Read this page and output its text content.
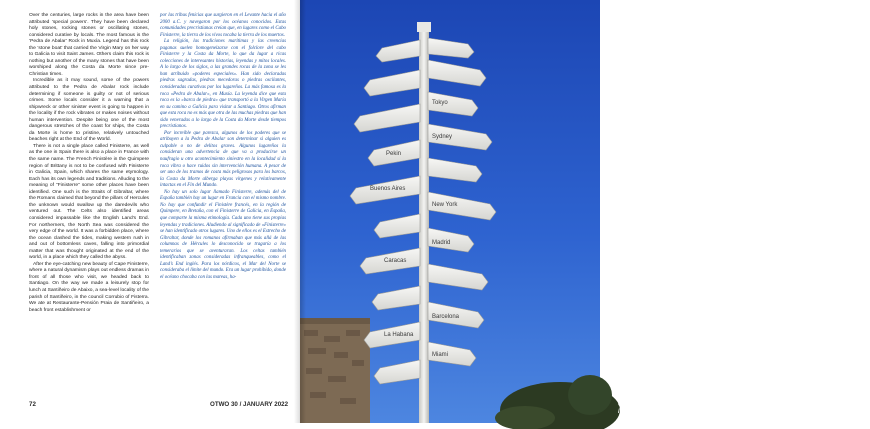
Over the centuries, large rocks in the area have been attributed ‘special powers’. They have been declared holy stones, rocking stones or oscillating stones, considered curative by locals. The most famous is the ‘Pedra de Abalar’ Rock in Muxía. Legend has this rock the ‘stone boat’ that carried the Virgin Mary on her way to Galicia to visit Saint James. Others claim this rock is nothing but another of the many stones that have been worshiped along the Costa da Morte since pre-Christian times.

Incredible as it may sound, some of the powers attributed to the Pedra de Abalar rock include determining if someone is guilty or not of serious crimes. Some locals consider it a warning that a shipwreck or other sinister event is going to happen in the locality if the rock vibrates or makes noises without human intervention. Despite being one of the most dangerous stretches of the coast for ships, the Costa da Morte is home to pristine, relatively untouched beaches right at the End of the World.

There is not a single place called Finisterre, as well as the one in Spain there is also a place in France with the same name. The French Finistère in the Quimpere region of Brittany is not to be confused with Finisterre in Galicia, Spain, which shares the same etymology. Each has its own legends and traditions. Alluding to the meaning of “Finisterre” some other places have been identified. One such is the Straits of Gibraltar, where the Romans claimed that beyond the pillars of Hercules the unknown would swallow up the daredevils who ventured out. The Celts also identified areas considered impassable like the English Land’s End. For northerners, the North Sea was considered the very edge of the world. It was a forbidden place, where the ocean clashed the tides, making western rush in and out of bottomless caves, falling into primordial matter that was thought originated at the end of the world, in a place which they called the abyss.

After the eye-catching new beauty of Cape Finisterre, where a natural dynamism plays out endless dramas in front of all those who visit, we headed back to Santiago. On the way we made a leisurely stop for lunch at Santiñeiro de Abaixo, a sea-level locality of the parish of Santiñeiro, in the council Corrubio of Fisterra. We ate at Restaurante-Pensión Praia de Santiñeiro, a beach front establishment or

por las tribus fenicias que surgieron en el Levante hacia el año 2000 a.C. y navegaron por los océanos conocidos. Estas comunidades precristianas creían que, en lugares como el Cabo Finisterre, la tierra de los vivos tocaba la tierra de los muertos.

La religión, las tradiciones marítimas y las creencias paganas suelen homogeneizarse con el folclore del cabo Finisterre y la Costa da Morte, lo que da lugar a ricas colecciones de interesantes historias, leyendas y mitos locales. A lo largo de los siglos, a las grandes rocas de la zona se les han atribuido «poderes especiales». Han sido declaradas piedras sagradas, piedras mecedoras o piedras oscilantes, consideradas curativas por los lugareños. La más famosa es la roca «Pedra de Abalar», en Muxía. La leyenda dice que esta roca es la «barca de piedra» que transportó a la Virgen María en su camino a Galicia para visitar a Santiago. Otros afirman que esta roca no es más que otra de las muchas piedras que han sido veneradas a lo largo de la Costa da Morte desde tiempos precristianos.

Por increíble que parezca, algunos de los poderes que se atribuyen a la Pedra de Abalar son determinar si alguien es culpable o no de delitos graves. Algunos lugareños la consideran una advertencia de que va a producirse un naufragio u otro acontecimiento siniestro en la localidad si la roca vibra o hace ruidos sin intervención humana. A pesar de ser uno de los tramos de costa más peligrosos para los barcos, la Costa da Morte alberga playas vírgenes y relativamente intactas en el Fin del Mundo.

No hay un solo lugar llamado Finisterre, además del de España también hay un lugar en Francia con el mismo nombre. No hay que confundir el Finistère francés, en la región de Quimpere, en Bretaña, con el Finisterre de Galicia, en España, que comparte la misma etimología. Cada uno tiene sus propias leyendas y tradiciones. Aludiendo al significado de «Finisterre» se han identificado otros lugares. Uno de ellos es el Estrecho de Gibraltar, donde los romanos afirmaban que más allá de las columnas de Hércules lo desconocido se tragaría a los temerarios que se aventuraran. Los celtas también identificaban zonas consideradas infranqueables, como el Land’s End inglés. Para los nórdicos, el Mar del Norte se consideraba el límite del mundo. Era un lugar prohibido, donde el océano chocaba con las mareas, ha-

72	OTWO 30 / JANUARY 2022
Barcelona
Madrid
New York
Sydney
Pekin
Caracas
Miami
La Habana
Buenos Aires
Tokyo
OTWO 30 / JANUARY 2022
73
